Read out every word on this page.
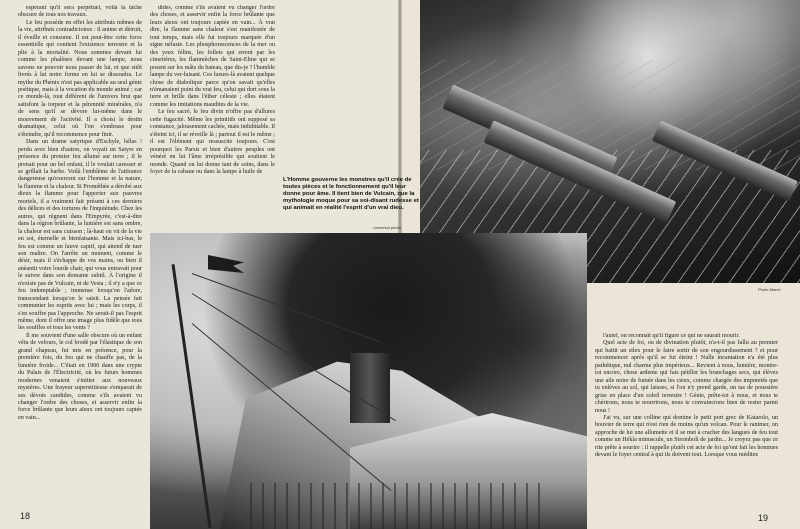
espérant qu'il sera perpétuel, voilà la tâche obscure de tous nos travaux.

Le feu possède en effet les attributs mêmes de la vie, attributs contradictoires : il anime et détruit, il éveille et consume. Il est peut-être cette force essentielle qui contient l'existence terrestre et la plie à la mortalité. Nous sommes devant lui comme les phalènes devant une lampe, nous savons ne pouvoir nous passer de lui, et que sitôt livrés à lui notre forme en lui se dissoudra. Le mythe du Phénix n'est pas applicable au seul génie poétique, mais à la vocation du monde animé ; car ce monde-là, tout différent de l'univers brut que satisfont la torpeur et la pérennité minérales, n'a de sens qu'il se dévore lui-même dans le mouvement de l'activité. Il a choisi le destin dramatique, celui où l'on s'embrase pour s'éteindre, qu'il recommence pour finir.

Dans un drame satyrique d'Eschyle, hélas ! perdu avec bien d'autres, on voyait un Satyre en présence du premier feu allumé sur terre ; il le prenait pour un bel enfant, il le voulait caresser et se grillait la barbe. Voilà l'emblème de l'attirance dangereuse qu'exercent sur l'homme et la nature, la flamme et la chaleur. Si Prométhée a dérobé aux dieux la flamme pour l'apporter aux pauvres mortels, il a vraiment fait présent à ces derniers des délices et des tortures de l'inquiétude. Chez les autres, qui règnent dans l'Empyrée, c'est-à-dire dans la région brûlante, la lumière est sans ombre, la chaleur est sans cuisson ; là-haut on vit de la vie en soi, éternelle et bienfaisante. Mais ici-bas, le feu est comme un fauve captif, qui attend de tuer son maître. On l'arrête un moment, comme le désir, mais il s'échappe de vos mains, ou bien il anéantit votre lourde chair, qui vous entravait pour le suivre dans son domaine subtil. À l'origine il n'existe pas de Vulcain, ni de Vesta ; il n'y a que ce feu indomptable ; immense lorsqu'on l'adore, transcendant lorsqu'on le saisit. La pensée fait communier les esprits avec lui ; mais les corps, il s'en souffre pas l'approche. Ne serait-il pas l'esprit même, dont il offre une image plus fidèle que tous les souffles et tous les vents ?

Il me souvient d'une salle obscure où un enfant vêtu de velours, le col brodé par l'élastique de son grand chapeau, fut mis en présence, pour la première fois, du feu qui ne chauffe pas, de la lumière froide... C'était en 1900 dans une crypte du Palais de l'Électricité, où les futurs hommes modernes venaient s'initier aux nouveaux mystères. Une frayeur superstitieuse s'emparait de ses dévots candides, comme s'ils avaient vu changer l'ordre des choses, et asservir enfin la force brûlante que leurs aïeux ont toujours captée en vain...

dides, comme s'ils avaient vu changer l'ordre des choses, et asservir enfin la force brûlante que leurs aïeux ont toujours captée en vain... À vrai dire, la flamme sans chaleur s'est manifestée de tout temps, mais elle fut toujours marquée d'un signe néfaste. Les phosphorescences de la mer ou des yeux félins, les follets qui errent par les cimetières, les flammèches de Saint-Elme qui se posent sur les mâts du bateau, que dis-je ? l'humble lampe du ver-luisant. Ces lueurs-là avaient quelque chose de diabolique parce qu'on savait qu'elles n'émanaient point du vrai feu, celui qui dort sous la terre et brille dans l'éther céleste ; elles étaient comme les imitations maudites de la vie.

Le feu sacré, le feu divin n'offre pas d'allures cette fugacité. Même les primitifs ont supposé sa constance, jalousement cachée, mais indubitable. Il s'éteint ici, il se réveille là ; partout il est le même ; il est l'élément qui ressuscite toujours. C'est pourquoi les Parsis et bien d'autres peuples ont vénéré en lui l'âme irréprésible qui soutient le monde. Quand on lui donne tant de soins, dans le foyer de la cabane ou dans la lampe à huile de

L'Homme gouverne les monstres qu'il crée de toutes pièces et le fonctionnement qu'il leur donne pour âme. Il tient bien de Vulcain, que la mythologie moque pour sa soi-disant rudesse et qui animait en réalité l'esprit d'un vrai dieu.
Universal photo
Photo Manel

l'autel, on reconnaît qu'il figure ce qui ne saurait mourir.

Quel acte de foi, ou de divination plutôt, n'a-t-il pas fallu au premier qui battit un silex pour le faire sortir de son engourdissement ? et pour recommencer après qu'il se fut éteint ! Nulle incantation n'a été plus pathétique, nul charme plus impérieux... Revient à nous, lumière, montre-toi encore, chose ardente qui fais pétiller les branchages secs, qui élèves une aile noire de fumée dans les cieux, comme chargée des impuretés que tu enlèves au sol, qui laisses, si l'on n'y prend garde, un tas de poussière grise en place d'un soleil terrestre ! Génie, prête-toi à nous, et nous te chérirons, nous te nourrirons, nous te convaincrons bien de rester parmi nous !

J'ai vu, sur une colline qui domine le petit port grec de Katarolo, un bouvier de terre qui n'est rien de moins qu'un volcan. Pour le ranimer, on approche de lui une allumette et il se met à cracher des langues de feu tout comme un Hékla minuscule, un Stromboli de jardin... Je croyez pas que ce rite prête à sourire : il rappelle plutôt cet acte de foi qu'ont fait les hommes devant le foyer central à qui ils doivent tout. Lorsque vous méditez

18	19
